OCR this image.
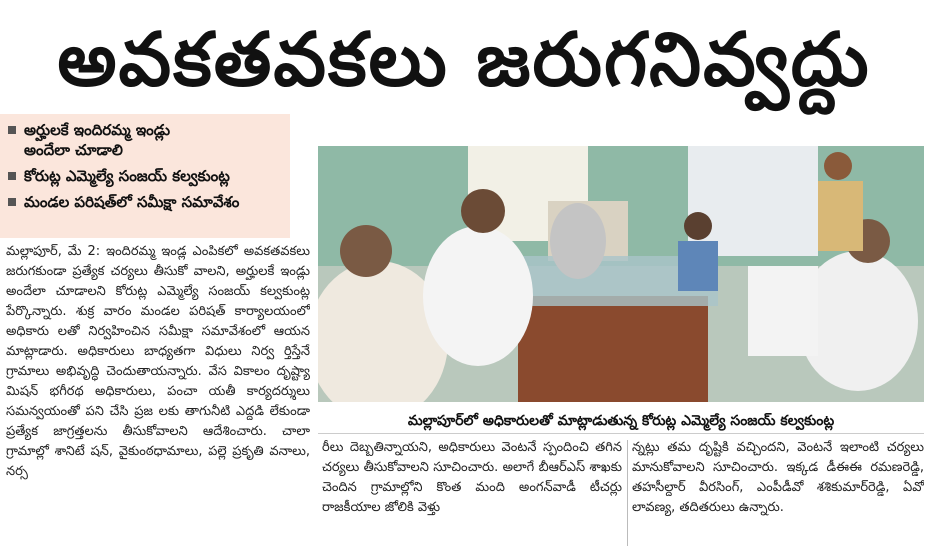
అవకతవకలు జరుగనివ్వద్దు
అర్హులకే ఇందిరమ్మ ఇండ్లు
అందేలా చూడాలి
కోరుట్ల ఎమ్మెల్యే సంజయ్ కల్వకుంట్ల
మండల పరిషత్‌లో సమీక్షా సమావేశం
మల్లాపూర్, మే 2: ఇందిరమ్మ ఇండ్ల ఎంపికలో అవకతవకలు జరుగకుండా ప్రత్యేక చర్యలు తీసుకో వాలని, అర్హులకే ఇండ్లు అందేలా చూడాలని కోరుట్ల ఎమ్మెల్యే సంజయ్ కల్వకుంట్ల పేర్కొన్నారు. శుక్ర వారం మండల పరిషత్ కార్యాలయంలో అధికారు లతో నిర్వహించిన సమీక్షా సమావేశంలో ఆయన మాట్లాడారు. అధికారులు బాధ్యతగా విధులు నిర్వ ర్తిస్తేనే గ్రామాలు అభివృద్ధి చెందుతాయన్నారు. వేస వికాలం దృష్ట్యా మిషన్ భగీరథ అధికారులు, పంచా యతీ కార్యదర్శులు సమన్వయంతో పని చేసి ప్రజ లకు తాగునీటి ఎద్దడి లేకుండా ప్రత్యేక జాగ్రత్తలను తీసుకోవాలని ఆదేశించారు. చాలా గ్రామాల్లో శానిటే షన్, వైకుంఠధామాలు, పల్లె ప్రకృతి వనాలు, నర్స
మల్లాపూర్‌లో అధికారులతో మాట్లాడుతున్న కోరుట్ల ఎమ్మెల్యే సంజయ్ కల్వకుంట్ల
రీలు దెబ్బతిన్నాయని, అధికారులు వెంటనే స్పందించి తగిన చర్యలు తీసుకోవాలని సూచించారు. అలాగే బీఆర్ఎస్ శాఖకు చెందిన గ్రామాల్లోని కొంత మంది అంగన్‌వాడీ టీచర్లు రాజకీయాల జోలికి వెళ్తు
న్నట్లు తమ దృష్టికి వచ్చిందని, వెంటనే ఇలాంటి చర్యలు మానుకోవాలని సూచించారు. ఇక్కడ డీఈఈ రమణరెడ్డి, తహసీల్దార్ వీరసింగ్, ఎంపీడీవో శశికుమార్‌రెడ్డి, ఏవో లావణ్య, తదితరులు ఉన్నారు.
